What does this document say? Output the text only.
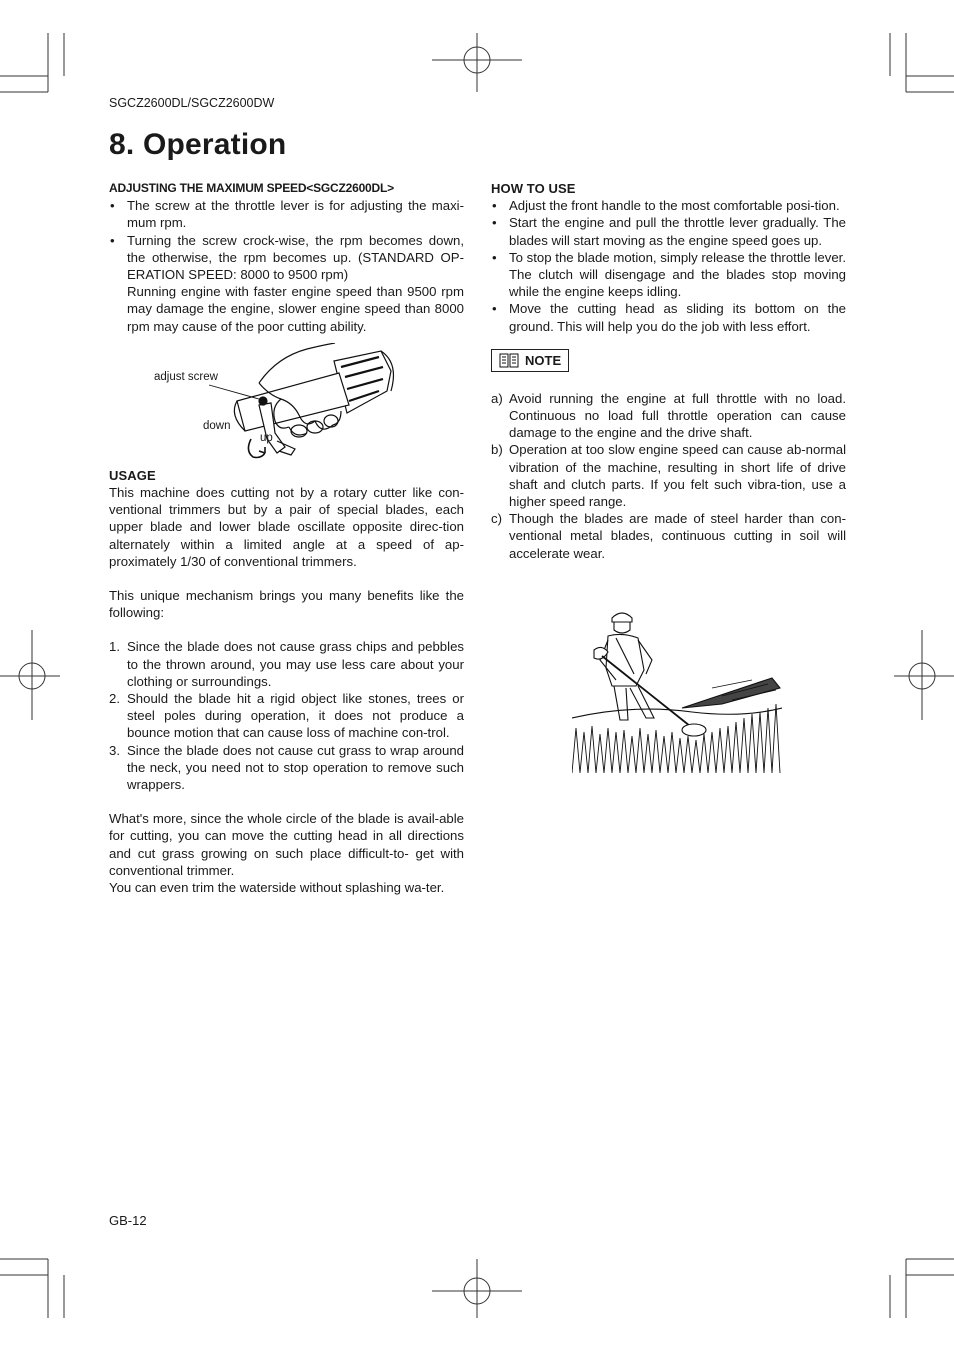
SGCZ2600DL/SGCZ2600DW
8. Operation

ADJUSTING THE MAXIMUM SPEED<SGCZ2600DL>

• The screw at the throttle lever is for adjusting the maxi-mum rpm.
• Turning the screw crock-wise, the rpm becomes down, the otherwise, the rpm becomes up. (STANDARD OP-ERATION SPEED: 8000 to 9500 rpm)
Running engine with faster engine speed than 9500 rpm may damage the engine, slower engine speed than 8000 rpm may cause of the poor cutting ability.
adjust screw
down
up

USAGE

This machine does cutting not by a rotary cutter like con-ventional trimmers but by a pair of special blades, each upper blade and lower blade oscillate opposite direc-tion alternately within a limited angle at a speed of ap-proximately 1/30 of conventional trimmers.

This unique mechanism brings you many benefits like the following:

1. Since the blade does not cause grass chips and pebbles to the thrown around, you may use less care about your clothing or surroundings.
2. Should the blade hit a rigid object like stones, trees or steel poles during operation, it does not produce a bounce motion that can cause loss of machine con-trol.
3. Since the blade does not cause cut grass to wrap around the neck, you need not to stop operation to remove such wrappers.

What's more, since the whole circle of the blade is avail-able for cutting, you can move the cutting head in all directions and cut grass growing on such place difficult-to- get with conventional trimmer.

You can even trim the waterside without splashing wa-ter.

HOW TO USE

• Adjust the front handle to the most comfortable posi-tion.
• Start the engine and pull the throttle lever gradually. The blades will start moving as the engine speed goes up.
• To stop the blade motion, simply release the throttle lever. The clutch will disengage and the blades stop moving while the engine keeps idling.
• Move the cutting head as sliding its bottom on the ground. This will help you do the job with less effort.
NOTE
a) Avoid running the engine at full throttle with no load. Continuous no load full throttle operation can cause damage to the engine and the drive shaft.
b) Operation at too slow engine speed can cause ab-normal vibration of the machine, resulting in short life of drive shaft and clutch parts. If you felt such vibra-tion, use a higher speed range.
c) Though the blades are made of steel harder than con-ventional metal blades, continuous cutting in soil will accelerate wear.
GB-12
